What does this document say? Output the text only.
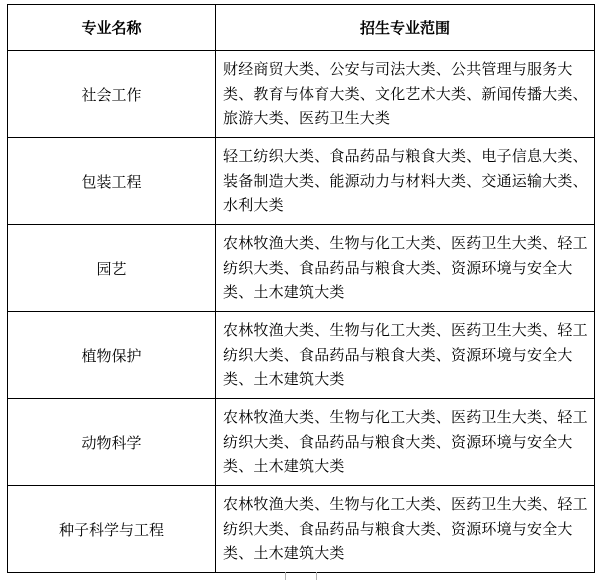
专业名称	招生专业范围
社会工作	财经商贸大类、公安与司法大类、公共管理与服务大类、教育与体育大类、文化艺术大类、新闻传播大类、旅游大类、医药卫生大类
包装工程	轻工纺织大类、食品药品与粮食大类、电子信息大类、装备制造大类、能源动力与材料大类、交通运输大类、水利大类
园艺	农林牧渔大类、生物与化工大类、医药卫生大类、轻工纺织大类、食品药品与粮食大类、资源环境与安全大类、土木建筑大类
植物保护	农林牧渔大类、生物与化工大类、医药卫生大类、轻工纺织大类、食品药品与粮食大类、资源环境与安全大类、土木建筑大类
动物科学	农林牧渔大类、生物与化工大类、医药卫生大类、轻工纺织大类、食品药品与粮食大类、资源环境与安全大类、土木建筑大类
种子科学与工程	农林牧渔大类、生物与化工大类、医药卫生大类、轻工纺织大类、食品药品与粮食大类、资源环境与安全大类、土木建筑大类
